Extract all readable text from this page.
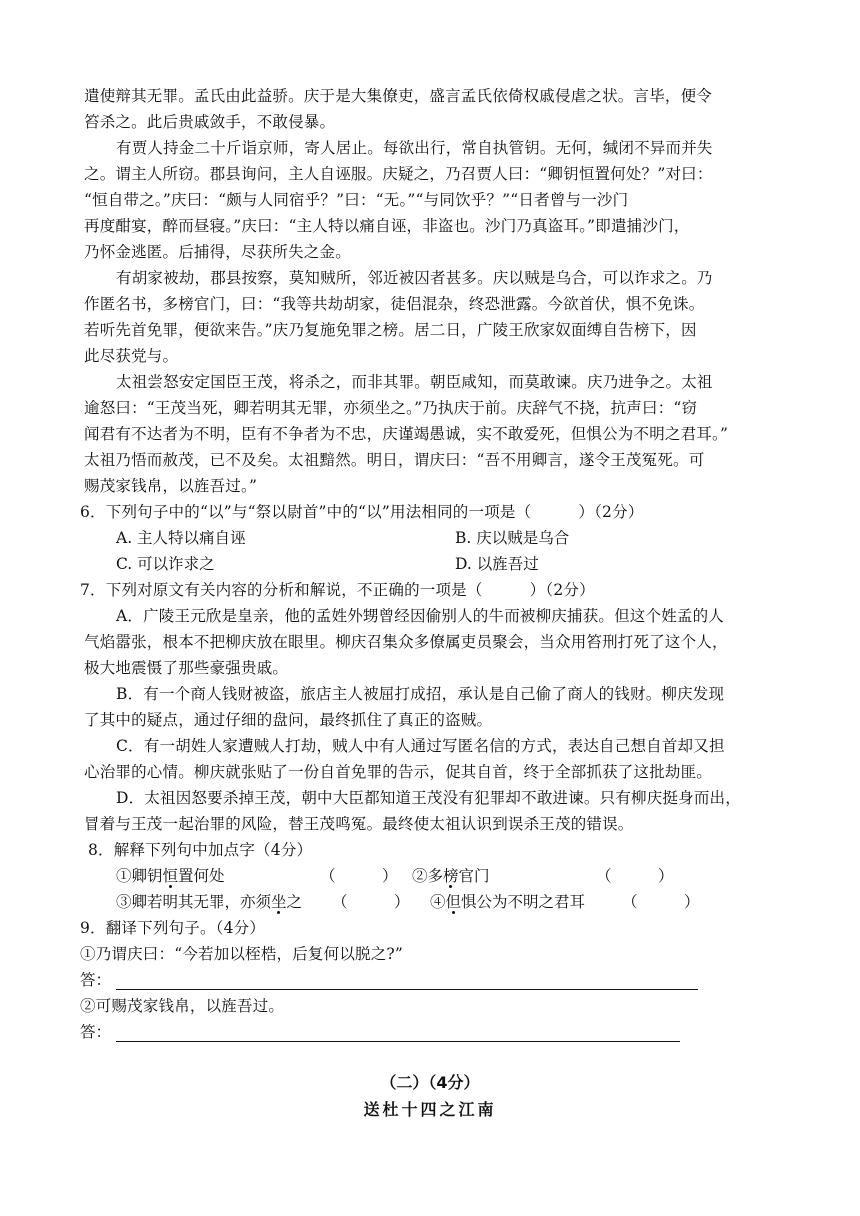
遣使辩其无罪。孟氏由此益骄。庆于是大集僚吏，盛言孟氏依倚权戚侵虐之状。言毕，便令
笞杀之。此后贵戚敛手，不敢侵暴。
有贾人持金二十斤诣京师，寄人居止。每欲出行，常自执管钥。无何，缄闭不异而并失
之。谓主人所窃。郡县询问，主人自诬服。庆疑之，乃召贾人曰：“卿钥恒置何处？”对曰：
“恒自带之。”庆曰：“颇与人同宿乎？”曰：“无。”“与同饮乎？”“日者曾与一沙门
再度酣宴，醉而昼寝。”庆曰：“主人特以痛自诬，非盗也。沙门乃真盗耳。”即遣捕沙门，
乃怀金逃匿。后捕得，尽获所失之金。
有胡家被劫，郡县按察，莫知贼所，邻近被囚者甚多。庆以贼是乌合，可以诈求之。乃
作匿名书，多榜官门，曰：“我等共劫胡家，徒侣混杂，终恐泄露。今欲首伏，惧不免诛。
若听先首免罪，便欲来告。”庆乃复施免罪之榜。居二日，广陵王欣家奴面缚自告榜下，因
此尽获党与。
太祖尝怒安定国臣王茂，将杀之，而非其罪。朝臣咸知，而莫敢谏。庆乃进争之。太祖
逾怒曰：“王茂当死，卿若明其无罪，亦须坐之。”乃执庆于前。庆辞气不挠，抗声曰：“窃
闻君有不达者为不明，臣有不争者为不忠，庆谨竭愚诚，实不敢爱死，但惧公为不明之君耳。”
太祖乃悟而赦茂，已不及矣。太祖黯然。明日，谓庆曰：“吾不用卿言，遂令王茂冤死。可
赐茂家钱帛，以旌吾过。”
6．下列句子中的“以”与“祭以尉首”中的“以”用法相同的一项是（　　　）（2分）
A. 主人特以痛自诬	B. 庆以贼是乌合
C. 可以诈求之	D. 以旌吾过
7．下列对原文有关内容的分析和解说，不正确的一项是（　　　）（2分）
A．广陵王元欣是皇亲，他的孟姓外甥曾经因偷别人的牛而被柳庆捕获。但这个姓孟的人
气焰嚣张，根本不把柳庆放在眼里。柳庆召集众多僚属吏员聚会，当众用笞刑打死了这个人，
极大地震慑了那些豪强贵戚。
B．有一个商人钱财被盗，旅店主人被屈打成招，承认是自己偷了商人的钱财。柳庆发现
了其中的疑点，通过仔细的盘问，最终抓住了真正的盗贼。
C．有一胡姓人家遭贼人打劫，贼人中有人通过写匿名信的方式，表达自己想自首却又担
心治罪的心情。柳庆就张贴了一份自首免罪的告示，促其自首，终于全部抓获了这批劫匪。
D．太祖因怒要杀掉王茂，朝中大臣都知道王茂没有犯罪却不敢进谏。只有柳庆挺身而出，
冒着与王茂一起治罪的风险，替王茂鸣冤。最终使太祖认识到误杀王茂的错误。
8．解释下列句中加点字（4分）
①卿钥恒置何处	（　　　） ②多榜官门	（　　　）
③卿若明其无罪，亦须坐之 （　　　） ④但惧公为不明之君耳 （　　　）
9．翻译下列句子。（4分）
①乃谓庆曰：“今若加以桎梏，后复何以脱之?”
答：
②可赐茂家钱帛，以旌吾过。
答：
（二）（4分）
送杜十四之江南
